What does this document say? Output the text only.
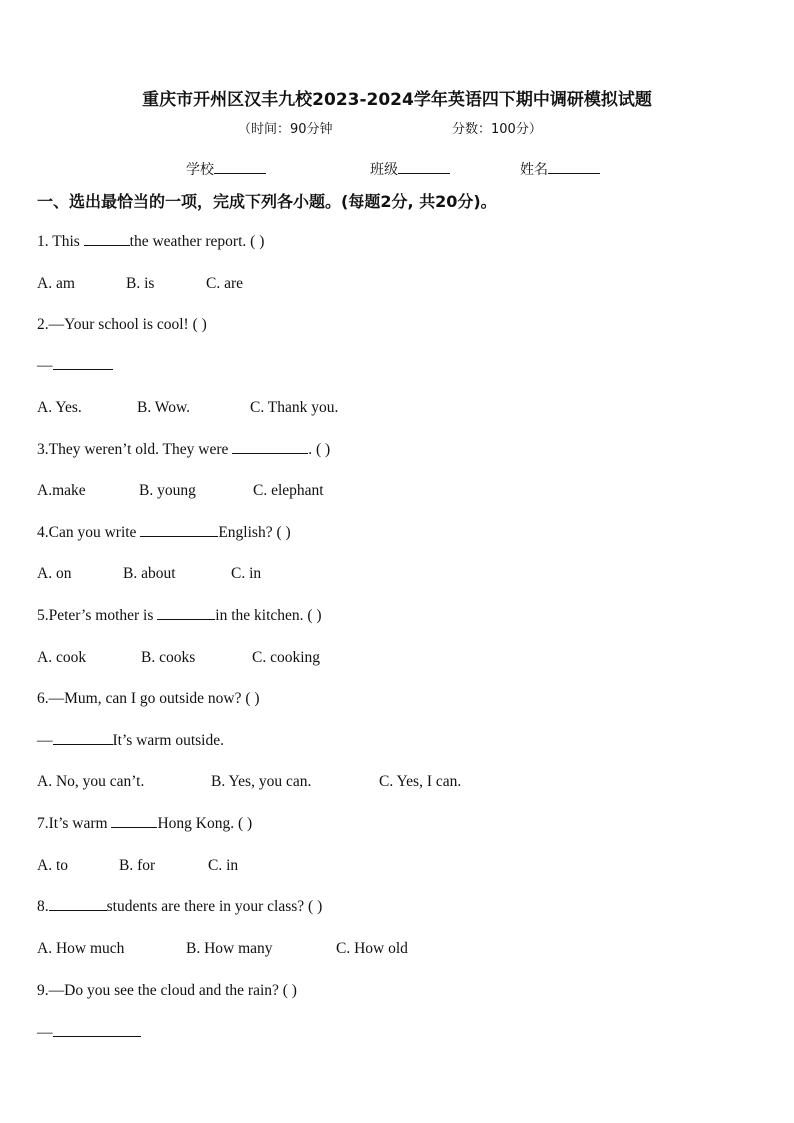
重庆市开州区汉丰九校2023-2024学年英语四下期中调研模拟试题
（时间：90分钟	分数：100分）
学校	班级	姓名
一、选出最恰当的一项，完成下列各小题。(每题2分, 共20分)。
1. This	the weather report. ( )
A. am	B. is	C. are
2.—Your school is cool! ( )
—
A. Yes.	B. Wow.	C. Thank you.
3.They weren’t old. They were	. ( )
A.make	B. young	C. elephant
4.Can you write	English? ( )
A. on	B. about	C. in
5.Peter’s mother is	in the kitchen. ( )
A. cook	B. cooks	C. cooking
6.—Mum, can I go outside now? ( )
—	It’s warm outside.
A. No, you can’t.	B. Yes, you can.	C. Yes, I can.
7.It’s warm	Hong Kong. ( )
A. to	B. for	C. in
8.	students are there in your class? ( )
A. How much	B. How many	C. How old
9.—Do you see the cloud and the rain? ( )
—
